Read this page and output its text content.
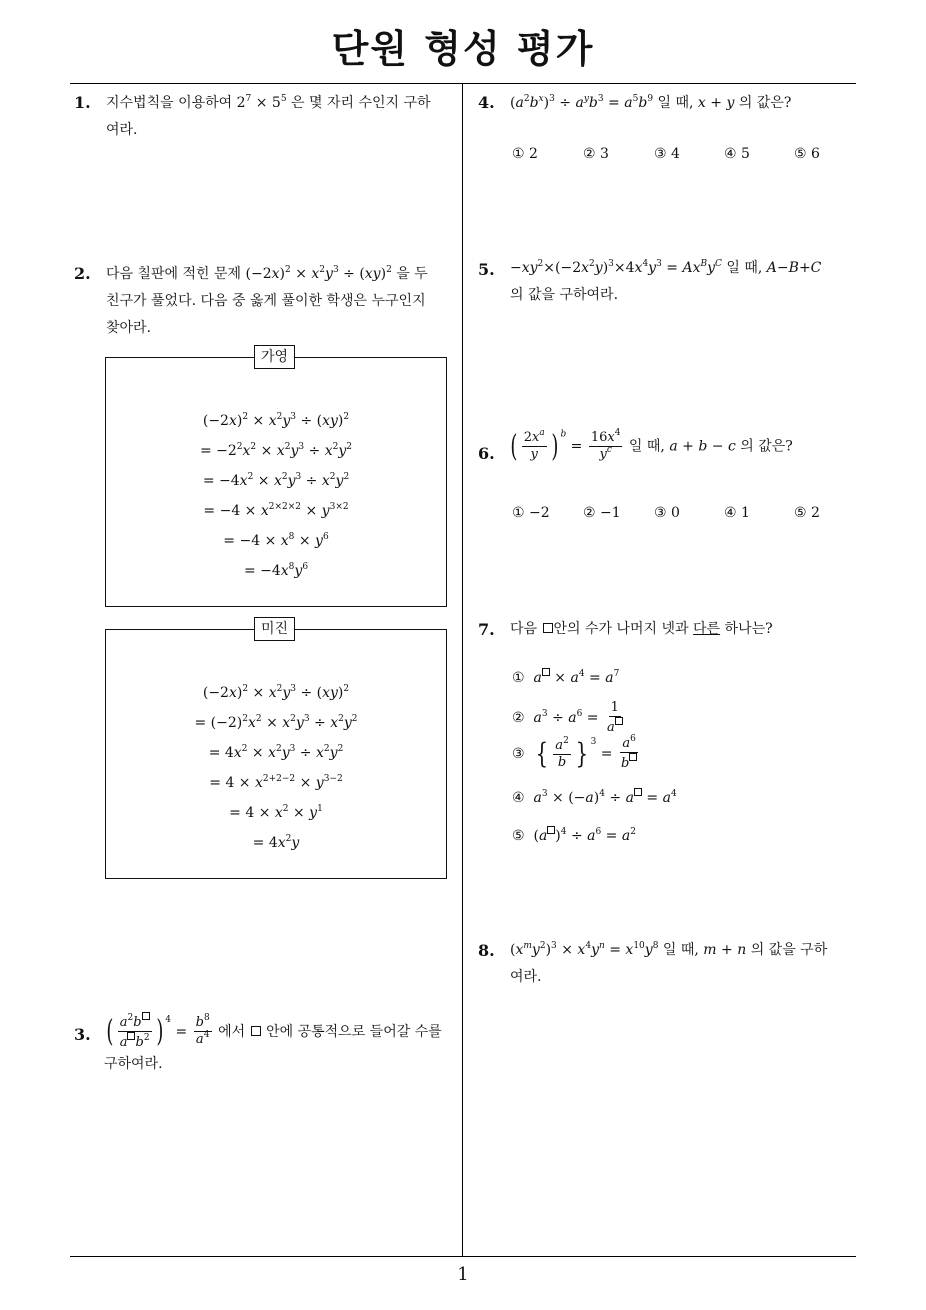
단원 형성 평가
1
1. 지수법칙을 이용하여 $2^7 \times 5^5$ 은 몇 자리 수인지 구하
여라.
2. 다음 칠판에 적힌 문제 $(-2x)^2 \times x^2y^3 \div (xy)^2$ 을 두
친구가 풀었다. 다음 중 옳게 풀이한 학생은 누구인지
찾아라.
$(-2x)^2 \times x^2y^3 \div (xy)^2$
= $-2^2x^2 \times x^2y^3 \div x^2y^2$
= $-4x^2 \times x^2y^3 \div x^2y^2$
= $-4 \times x^{2\times 2\times 2} \times y^{3\times 2}$
= $-4 \times x^8 \times y^6$
= $-4x^8y^6$
가영
$(-2x)^2 \times x^2y^3 \div (xy)^2$
= $(-2)^2x^2 \times x^2y^3 \div x^2y^2$
= $4x^2 \times x^2y^3 \div x^2y^2$
= $4 \times x^{2+2-2} \times y^{3-2}$
= $4 \times x^2 \times y^1$
= $4x^2y$
미진
3. ( $\frac{a^2b}{a b^2}$ ) $^4 = \frac{b^8}{a^4}$ 에서  안에 공통적으로 들어갈 수를
구하여라.
4. $(a^2b^x)^3 \div a^yb^3 = a^5b^9$ 일 때, x + y 의 값은?
① 2	② 3	③ 4	④ 5	⑤ 6
5. $-xy^2\times(-2x^2y)^3\times 4x^4y^3 = Ax^By^C$ 일 때, A−B+C
의 값을 구하여라.
6. ( $\frac{2x^a}{y}$ ) $^b = \frac{16x^4}{y^c}$ 일 때, a + b − c 의 값은?
① −2 ② −1 ③ 0	④ 1	⑤ 2
7. 다음 안의 수가 나머지 넷과 다른 하나는?
① $a \times a^4 = a^7$
② $a^3 \div a^6 = \frac{1}{a}$
③ { $\frac{a^2}{b}$ } $^3 = \frac{a^6}{b}$
④ $a^3 \times (-a)^4 \div a = a^4$
⑤  (a )$^4 \div a^6 = a^2$
8. $(x^my^2)^3 \times x^4y^n = x^{10}y^8$ 일 때, m + n 의 값을 구하
여라.
